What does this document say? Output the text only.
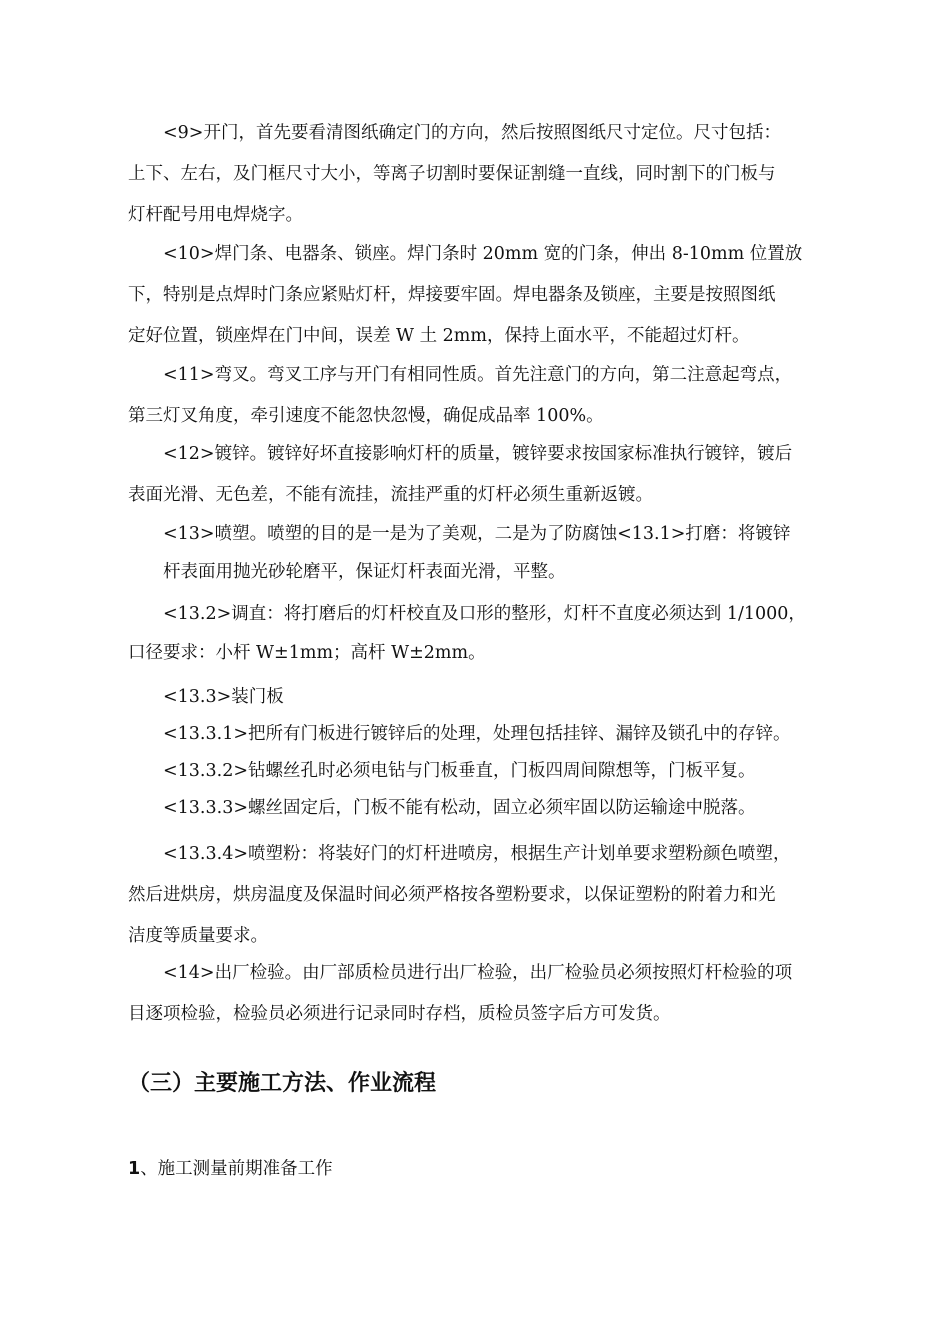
　　<9>开门，首先要看清图纸确定门的方向，然后按照图纸尺寸定位。尺寸包括：
上下、左右，及门框尺寸大小，等离子切割时要保证割缝一直线，同时割下的门板与
灯杆配号用电焊烧字。
　　<10>焊门条、电器条、锁座。焊门条时 20mm 宽的门条，伸出 8-10mm 位置放
下，特别是点焊时门条应紧贴灯杆，焊接要牢固。焊电器条及锁座，主要是按照图纸
定好位置，锁座焊在门中间，误差 W 土 2mm，保持上面水平，不能超过灯杆。
　　<11>弯叉。弯叉工序与开门有相同性质。首先注意门的方向，第二注意起弯点，
第三灯叉角度，牵引速度不能忽快忽慢，确促成品率 100%。
　　<12>镀锌。镀锌好坏直接影响灯杆的质量，镀锌要求按国家标准执行镀锌，镀后
表面光滑、无色差，不能有流挂，流挂严重的灯杆必须生重新返镀。
　　<13>喷塑。喷塑的目的是一是为了美观，二是为了防腐蚀<13.1>打磨：将镀锌
　　杆表面用抛光砂轮磨平，保证灯杆表面光滑，平整。
　　<13.2>调直：将打磨后的灯杆校直及口形的整形，灯杆不直度必须达到 1/1000，
口径要求：小杆 W±1mm；高杆 W±2mm。
　　<13.3>装门板
　　<13.3.1>把所有门板进行镀锌后的处理，处理包括挂锌、漏锌及锁孔中的存锌。
　　<13.3.2>钻螺丝孔时必须电钻与门板垂直，门板四周间隙想等，门板平复。
　　<13.3.3>螺丝固定后，门板不能有松动，固立必须牢固以防运输途中脱落。
　　<13.3.4>喷塑粉：将装好门的灯杆进喷房，根据生产计划单要求塑粉颜色喷塑，
然后进烘房，烘房温度及保温时间必须严格按各塑粉要求，以保证塑粉的附着力和光
洁度等质量要求。
　　<14>出厂检验。由厂部质检员进行出厂检验，出厂检验员必须按照灯杆检验的项
目逐项检验，检验员必须进行记录同时存档，质检员签字后方可发货。
（三）主要施工方法、作业流程

1、施工测量前期准备工作
